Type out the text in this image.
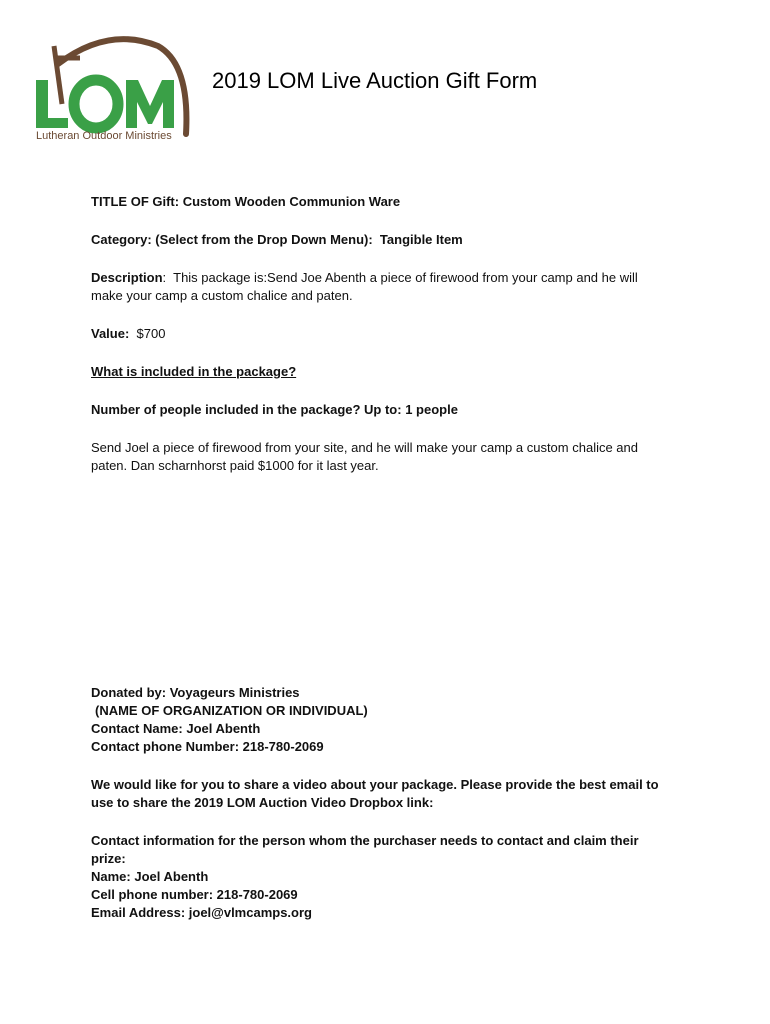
Lutheran Outdoor Ministries
2019 LOM Live Auction Gift Form

TITLE OF Gift: Custom Wooden Communion Ware

Category: (Select from the Drop Down Menu): Tangible Item

Description:  This package is:Send Joe Abenth a piece of firewood from your camp and he will

make your camp a custom chalice and paten.

Value: $700

What is included in the package?

Number of people included in the package? Up to: 1 people

Send Joel a piece of firewood from your site, and he will make your camp a custom chalice and

paten. Dan scharnhorst paid $1000 for it last year.

Donated by: Voyageurs Ministries

(NAME OF ORGANIZATION OR INDIVIDUAL)

Contact Name: Joel Abenth

Contact phone Number: 218-780-2069

We would like for you to share a video about your package. Please provide the best email to

use to share the 2019 LOM Auction Video Dropbox link:

Contact information for the person whom the purchaser needs to contact and claim their

prize:

Name: Joel Abenth

Cell phone number: 218-780-2069

Email Address: joel@vlmcamps.org
